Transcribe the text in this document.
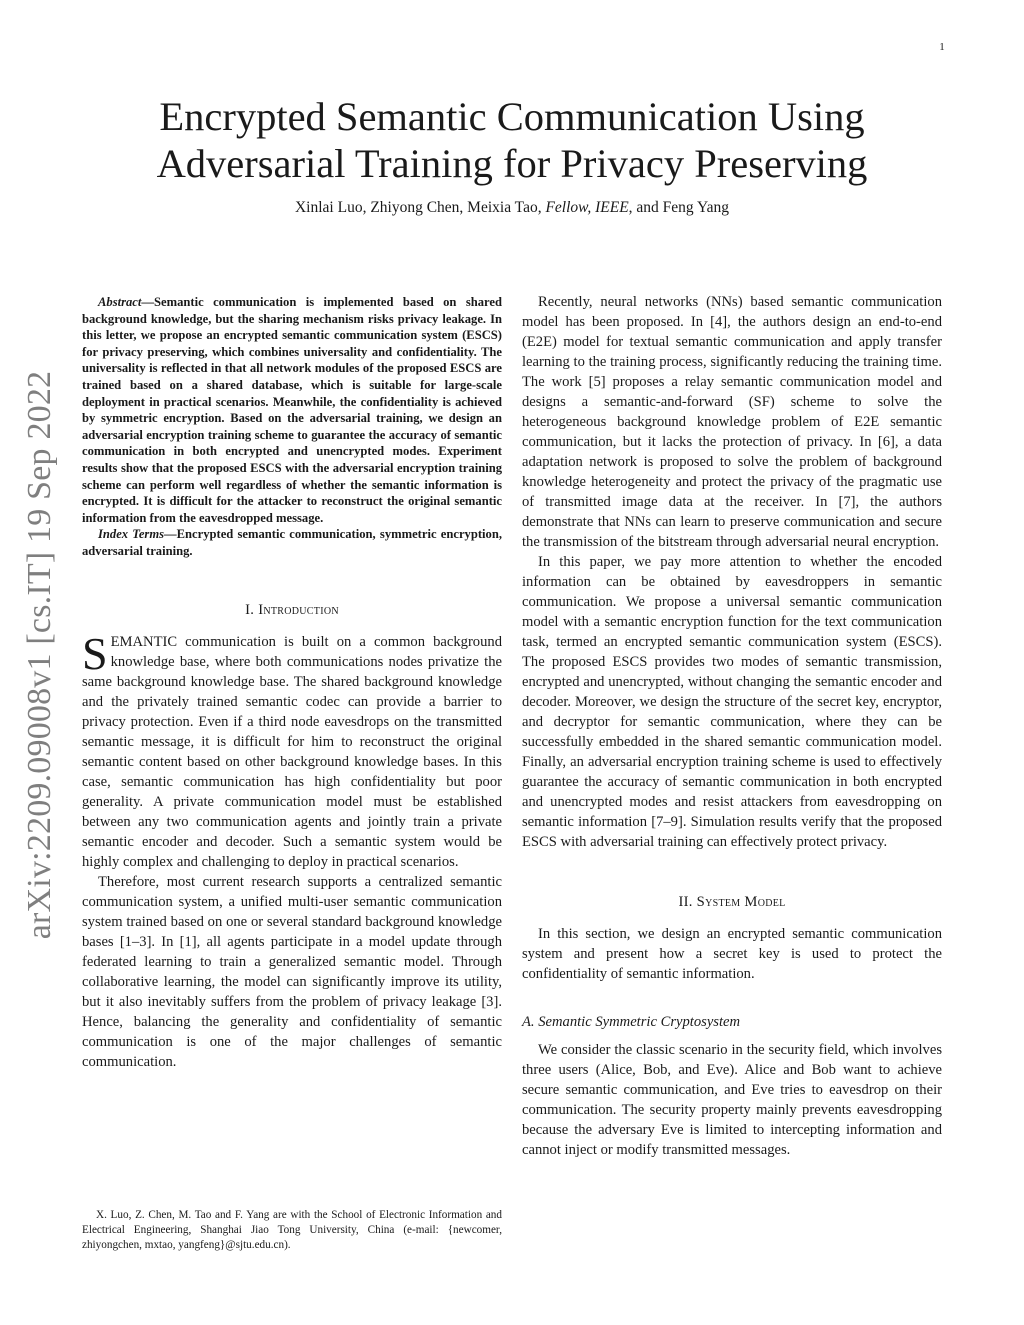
1
arXiv:2209.09008v1 [cs.IT] 19 Sep 2022
Encrypted Semantic Communication Using
Adversarial Training for Privacy Preserving
Xinlai Luo, Zhiyong Chen, Meixia Tao, Fellow, IEEE, and Feng Yang

Abstract—Semantic communication is implemented based on shared background knowledge, but the sharing mechanism risks privacy leakage. In this letter, we propose an encrypted semantic communication system (ESCS) for privacy preserving, which combines universality and confidentiality. The universality is reflected in that all network modules of the proposed ESCS are trained based on a shared database, which is suitable for large-scale deployment in practical scenarios. Meanwhile, the confidentiality is achieved by symmetric encryption. Based on the adversarial training, we design an adversarial encryption training scheme to guarantee the accuracy of semantic communication in both encrypted and unencrypted modes. Experiment results show that the proposed ESCS with the adversarial encryption training scheme can perform well regardless of whether the semantic information is encrypted. It is difficult for the attacker to reconstruct the original semantic information from the eavesdropped message.

Index Terms—Encrypted semantic communication, symmetric encryption, adversarial training.

I. Introduction

SEMANTIC communication is built on a common background knowledge base, where both communications nodes privatize the same background knowledge base. The shared background knowledge and the privately trained semantic codec can provide a barrier to privacy protection. Even if a third node eavesdrops on the transmitted semantic message, it is difficult for him to reconstruct the original semantic content based on other background knowledge bases. In this case, semantic communication has high confidentiality but poor generality. A private communication model must be established between any two communication agents and jointly train a private semantic encoder and decoder. Such a semantic system would be highly complex and challenging to deploy in practical scenarios.

Therefore, most current research supports a centralized semantic communication system, a unified multi-user semantic communication system trained based on one or several standard background knowledge bases [1–3]. In [1], all agents participate in a model update through federated learning to train a generalized semantic model. Through collaborative learning, the model can significantly improve its utility, but it also inevitably suffers from the problem of privacy leakage [3]. Hence, balancing the generality and confidentiality of semantic communication is one of the major challenges of semantic communication.

X. Luo, Z. Chen, M. Tao and F. Yang are with the School of Electronic Information and Electrical Engineering, Shanghai Jiao Tong University, China (e-mail: {newcomer, zhiyongchen, mxtao, yangfeng}@sjtu.edu.cn).

Recently, neural networks (NNs) based semantic communication model has been proposed. In [4], the authors design an end-to-end (E2E) model for textual semantic communication and apply transfer learning to the training process, significantly reducing the training time. The work [5] proposes a relay semantic communication model and designs a semantic-and-forward (SF) scheme to solve the heterogeneous background knowledge problem of E2E semantic communication, but it lacks the protection of privacy. In [6], a data adaptation network is proposed to solve the problem of background knowledge heterogeneity and protect the privacy of the pragmatic use of transmitted image data at the receiver. In [7], the authors demonstrate that NNs can learn to preserve communication and secure the transmission of the bitstream through adversarial neural encryption.

In this paper, we pay more attention to whether the encoded information can be obtained by eavesdroppers in semantic communication. We propose a universal semantic communication model with a semantic encryption function for the text communication task, termed an encrypted semantic communication system (ESCS). The proposed ESCS provides two modes of semantic transmission, encrypted and unencrypted, without changing the semantic encoder and decoder. Moreover, we design the structure of the secret key, encryptor, and decryptor for semantic communication, where they can be successfully embedded in the shared semantic communication model. Finally, an adversarial encryption training scheme is used to effectively guarantee the accuracy of semantic communication in both encrypted and unencrypted modes and resist attackers from eavesdropping on semantic information [7–9]. Simulation results verify that the proposed ESCS with adversarial training can effectively protect privacy.

II. System Model

In this section, we design an encrypted semantic communication system and present how a secret key is used to protect the confidentiality of semantic information.

A. Semantic Symmetric Cryptosystem

We consider the classic scenario in the security field, which involves three users (Alice, Bob, and Eve). Alice and Bob want to achieve secure semantic communication, and Eve tries to eavesdrop on their communication. The security property mainly prevents eavesdropping because the adversary Eve is limited to intercepting information and cannot inject or modify transmitted messages.
